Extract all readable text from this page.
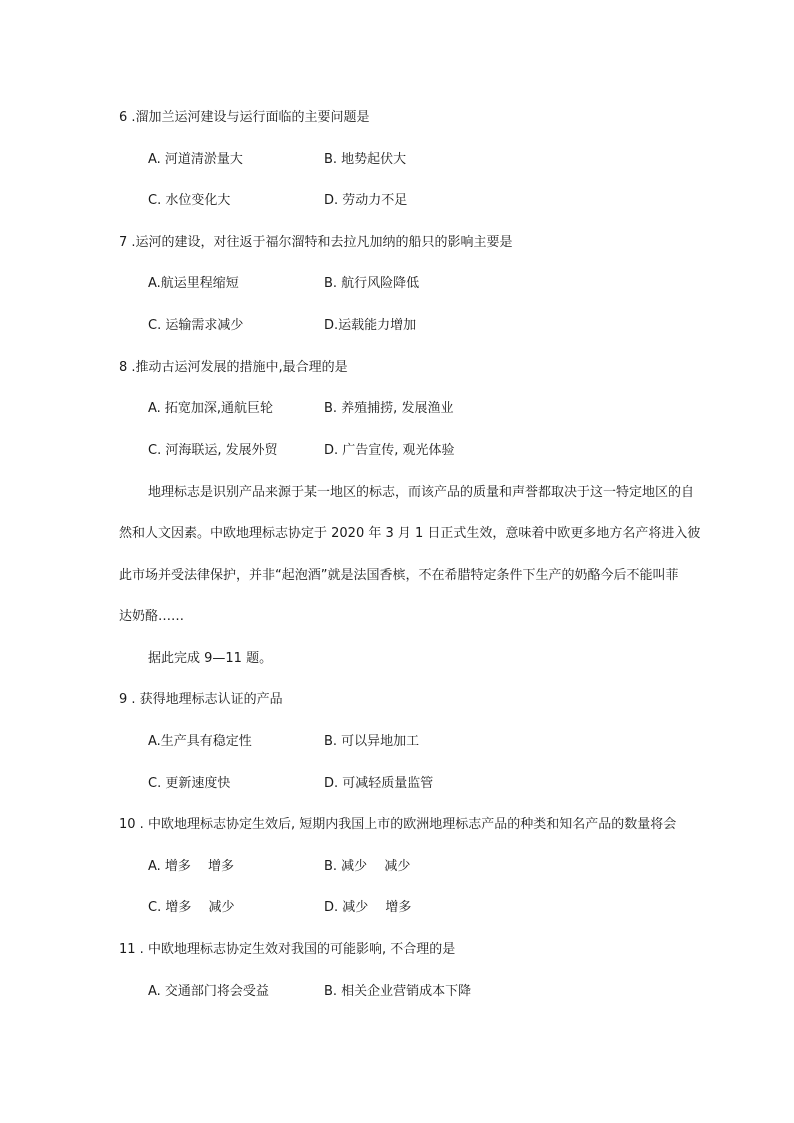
6 .溜加兰运河建设与运行面临的主要问题是
A. 河道清淤量大	B. 地势起伏大
C. 水位变化大	D. 劳动力不足
7 .运河的建设，对往返于福尔溜特和去拉凡加纳的船只的影响主要是
A.航运里程缩短	B. 航行风险降低
C. 运输需求减少	D.运载能力增加
8 .推动古运河发展的措施中,最合理的是
A. 拓宽加深,通航巨轮	B. 养殖捕捞, 发展渔业
C. 河海联运, 发展外贸	D. 广告宣传, 观光体验
地理标志是识别产品来源于某一地区的标志，而该产品的质量和声誉都取决于这一特定地区的自
然和人文因素。中欧地理标志协定于 2020 年 3 月 1 日正式生效，意味着中欧更多地方名产将进入彼
此市场并受法律保护，并非“起泡酒”就是法国香槟，不在希腊特定条件下生产的奶酪今后不能叫菲
达奶酪……
据此完成 9—11 题。
9 . 获得地理标志认证的产品
A.生产具有稳定性	B. 可以异地加工
C. 更新速度快	D. 可减轻质量监管
10 . 中欧地理标志协定生效后, 短期内我国上市的欧洲地理标志产品的种类和知名产品的数量将会
A. 增多　 增多	B. 减少　 减少
C. 增多　 减少	D. 减少　 增多
11 . 中欧地理标志协定生效对我国的可能影响, 不合理的是
A. 交通部门将会受益	B. 相关企业营销成本下降
